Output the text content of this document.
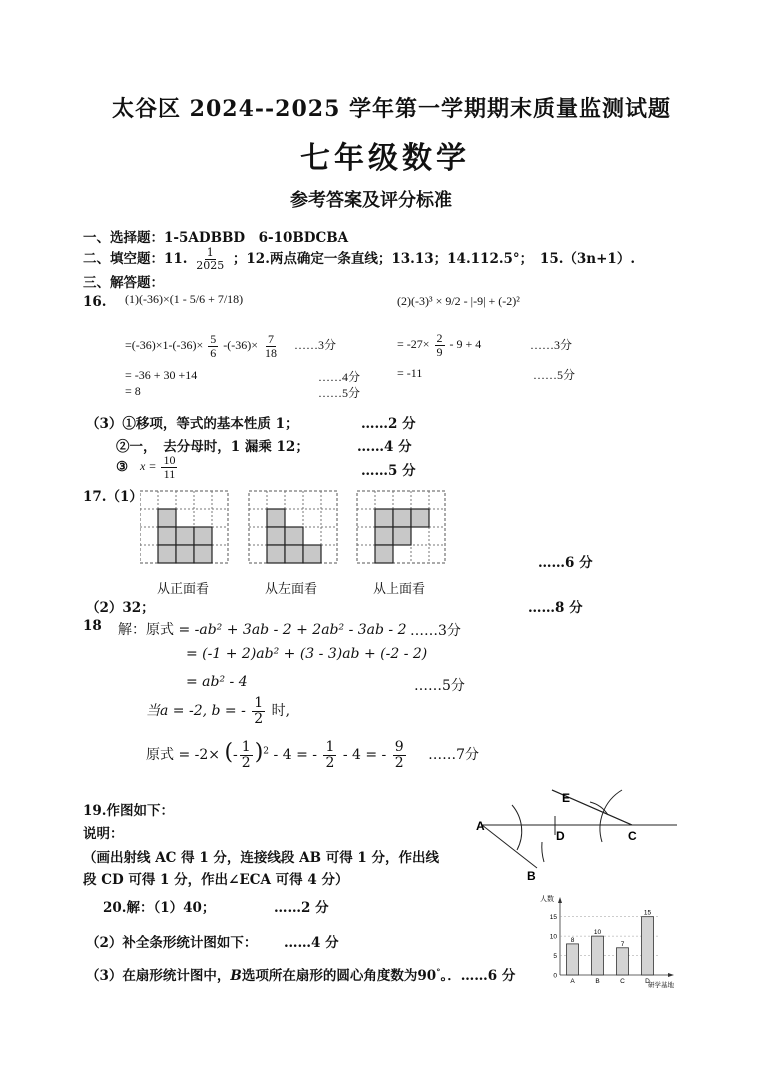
太谷区 2024--2025 学年第一学期期末质量监测试题
七年级数学
参考答案及评分标准
一、选择题：1-5ADBBD　6-10BDCBA
二、填空题：11. $\frac{1}{2025}$ ；12.两点确定一条直线；13.13；14.112.5°；　15.（3n+1）.
三、解答题：
16. (1)(-36)×(1 - 5/6 + 7/18)
$=(-36)\times 1-(-36)\times \frac{5}{6} -(-36)\times \frac{7}{18}$ ……3分
= -36 + 30 +14	……4分
= 8	……5分
(2)(-3)³ × 9/2 - |-9| + (-2)²
= $-27\times \frac{2}{9} - 9 + 4$	……3分
= -11	……5分
（3）①移项，等式的基本性质 1；	……2 分
②一，　去分母时，1 漏乘 12；	……4 分
③ $x = \frac{10}{11}$	……5 分
17.（1）
从正面看	从左面看	从上面看
……6 分
（2）32；	……8 分
18 解：原式 = -ab² + 3ab - 2 + 2ab² - 3ab - 2 ……3分
= (-1 + 2)ab² + (3 - 3)ab + (-2 - 2)
= ab² - 4	……5分
当a = -2, b = - $\frac{1}{2}$ 时,
原式 = -2× (- $\frac{1}{2} )^2 - 4$ = - $\frac{1}{2} - 4$ = - $\frac{9}{2}$ ……7分
19.作图如下：
说明：
（画出射线 AC 得 1 分，连接线段 AB 可得 1 分，作出线
段 CD 可得 1 分，作出∠ECA 可得 4 分）
A
B
C
D
E
20.解：（1）40；	……2 分
（2）补全条形统计图如下： ……4 分
（3）在扇形统计图中，B选项所在扇形的圆心角度数为90°。．……6 分
人数
研学基地
0
5
10
15
8
A
10
B
7
C
15
D
